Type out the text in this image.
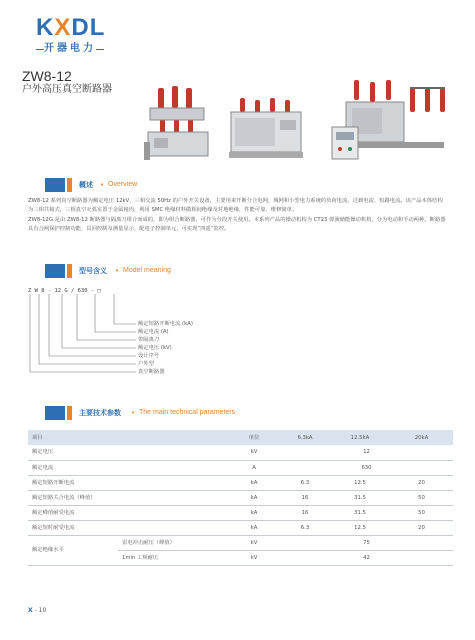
KXDL
开器电力
ZW8-12
户外高压真空断路器
概述 • Overview

ZW8-12 系列真空断路器为额定电压 12kV，三相交流 50Hz 的户外开关设备，主要用来开断分合电网，城网和小型电力系统的负荷电流、过载电流、短路电流。该产品本体结构为三相共箱式，三相真空灭弧室置于金属箱内，利用 SMC 绝缘材料做相间绝缘及对地绝缘，性能可靠，维修简单。

ZW8-12G 是由 ZW8-12 断路器与隔离刀组合而成的，即为组合断路器，可作为分段开关使用。本系列产品的操动机构为 CT23 弹簧储能操动机构，分为电动和手动两种。断路器具有合闸保护控制功能，具回控制及测量显示，配电子控制单元，可实现“四遥”监控。

型号含义 • Model meaning
Z W 8 - 12 G / 630 - □
额定短路开断电流 (kA)
额定电流 (A)
带隔离刀
额定电压 (kV)
设计序号
户外型
真空断路器
主要技术参数 • The main technical parameters
项目		单位	6.3kA	12.5kA	20kA
额定电压		kV	12		
额定电流		A	630		
额定短路开断电流		kA	6.3	12.5	20
额定短路关合电流（峰值）		kA	16	31.5	50
额定峰值耐受电流		kA	16	31.5	50
额定短时耐受电流		kA	6.3	12.5	20
额定绝缘水平	雷电冲击耐压（峰值）	kV	75		
	1min 工频耐压	kV	42		
X - 10
